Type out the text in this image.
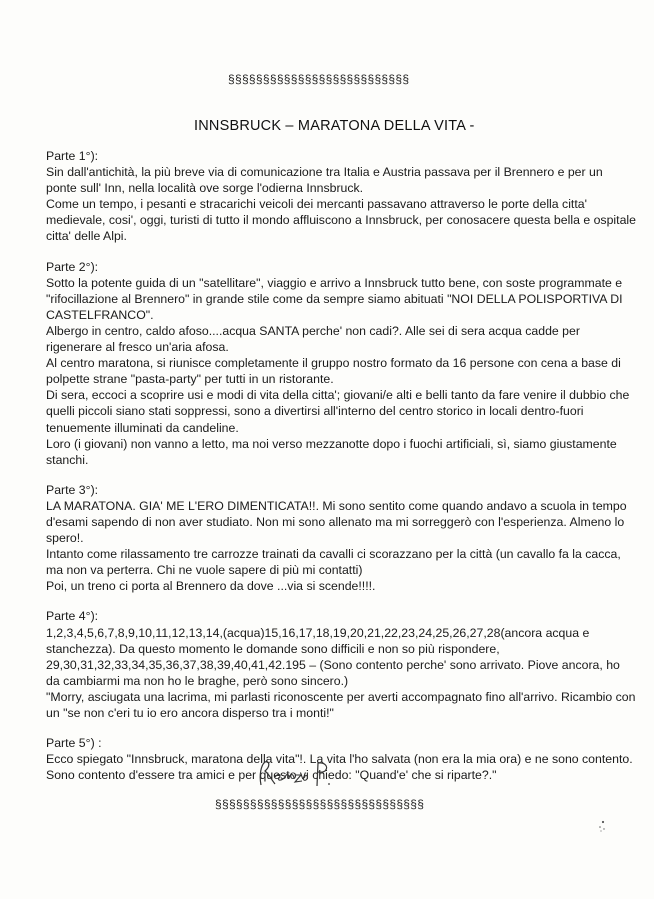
§§§§§§§§§§§§§§§§§§§§§§§§§§
INNSBRUCK – MARATONA DELLA VITA -
Parte 1°):

Sin dall'antichità, la più breve via di comunicazione tra Italia e Austria passava per il Brennero e per un ponte sull' Inn, nella località ove sorge l'odierna Innsbruck.

Come un tempo, i pesanti e stracarichi veicoli dei mercanti passavano attraverso le porte della citta' medievale, cosi', oggi, turisti di tutto il mondo affluiscono a Innsbruck, per conosacere questa bella e ospitale citta' delle Alpi.

Parte 2°):

Sotto la potente guida di un "satellitare", viaggio e arrivo a Innsbruck tutto bene, con soste programmate e "rifocillazione al Brennero" in grande stile come da sempre siamo abituati "NOI DELLA POLISPORTIVA DI CASTELFRANCO".

Albergo in centro, caldo afoso....acqua SANTA perche' non cadi?. Alle sei di sera acqua cadde per rigenerare al fresco un'aria afosa.

Al centro maratona, si riunisce completamente il gruppo nostro formato da 16 persone con cena a base di polpette strane "pasta-party" per tutti in un ristorante.

Di sera, eccoci a scoprire usi e modi di vita della citta'; giovani/e alti e belli tanto da fare venire il dubbio che quelli piccoli siano stati soppressi, sono a divertirsi all'interno del centro storico in locali dentro-fuori tenuemente illuminati da candeline.

Loro (i giovani) non vanno a letto, ma noi verso mezzanotte dopo i fuochi artificiali, sì, siamo giustamente stanchi.

Parte 3°):

LA MARATONA. GIA' ME L'ERO DIMENTICATA!!. Mi sono sentito come quando andavo a scuola in tempo d'esami sapendo di non aver studiato. Non mi sono allenato ma mi sorreggerò con l'esperienza. Almeno lo spero!.

Intanto come rilassamento tre carrozze trainati da cavalli ci scorazzano per la città (un cavallo fa la cacca, ma non va perterra. Chi ne vuole sapere di più mi contatti)

Poi, un treno ci porta al Brennero da dove ...via si scende!!!!.

Parte 4°):

1,2,3,4,5,6,7,8,9,10,11,12,13,14,(acqua)15,16,17,18,19,20,21,22,23,24,25,26,27,28(ancora acqua e stanchezza). Da questo momento le domande sono difficili e non so più rispondere, 29,30,31,32,33,34,35,36,37,38,39,40,41,42.195 – (Sono contento perche' sono arrivato. Piove ancora, ho da cambiarmi ma non ho le braghe, però sono sincero.)

"Morry, asciugata una lacrima, mi parlasti riconoscente per averti accompagnato fino all'arrivo. Ricambio con un "se non c'eri tu io ero ancora disperso tra i monti!"

Parte 5°) :

Ecco spiegato "Innsbruck, maratona della vita"!. La vita l'ho salvata (non era la mia ora) e ne sono contento. Sono contento d'essere tra amici e per questo vi chiedo: "Quand'e' che si riparte?."

§§§§§§§§§§§§§§§§§§§§§§§§§§§§§§
